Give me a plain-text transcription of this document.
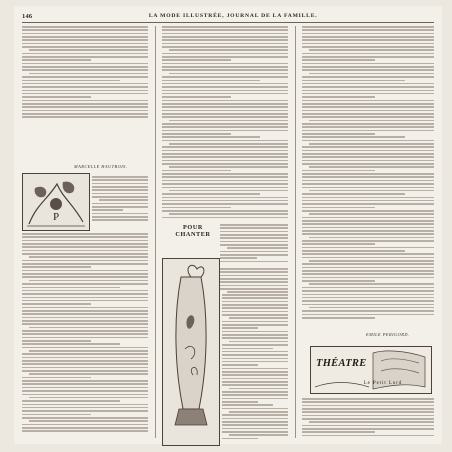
146	LA MODE ILLUSTRÉE, JOURNAL DE LA FAMILLE.
MARCELLE HAUTBOIS.
P
POUR CHANTER
EMILE PERIGORD.
THÉATRE
Le Petit Lord
